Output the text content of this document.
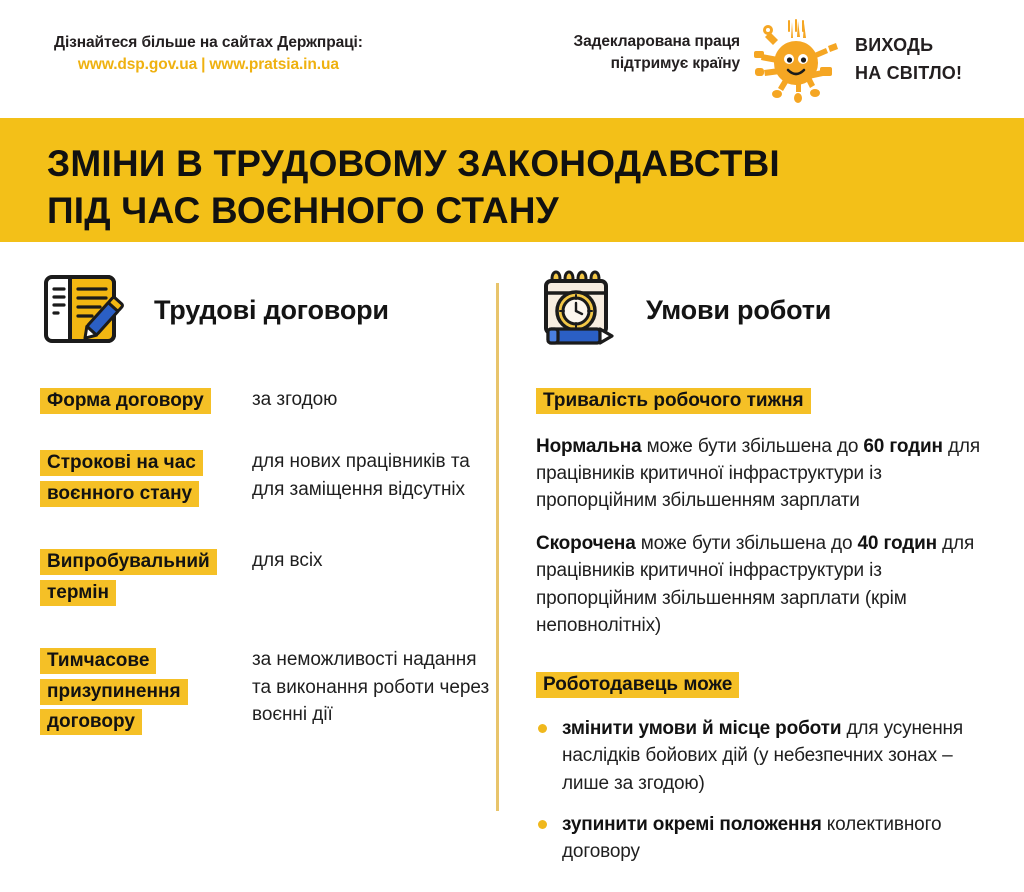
Дізнайтеся більше на сайтах Держпраці:
www.dsp.gov.ua | www.pratsia.in.ua
Задекларована праця
підтримує країну
ВИХОДЬ
НА СВІТЛО!
ЗМІНИ В ТРУДОВОМУ ЗАКОНОДАВСТВІ
ПІД ЧАС ВОЄННОГО СТАНУ
Трудові договори
Форма договору	за згодою
Строкові на час воєнного стану
для нових працівників та для заміщення відсутніх
Випробувальний термін
для всіх
Тимчасове призупинення договору
за неможливості надання та виконання роботи через воєнні дії
Умови роботи
Тривалість робочого тижня

Нормальна може бути збільшена до 60 годин для працівників критичної інфраструктури із пропорційним збільшенням зарплати

Скорочена може бути збільшена до 40 годин для працівників критичної інфраструктури із пропорційним збільшенням зарплати (крім неповнолітніх)

Роботодавець може
змінити умови й місце роботи для усунення наслідків бойових дій (у небезпечних зонах – лише за згодою)
зупинити окремі положення колективного договору
